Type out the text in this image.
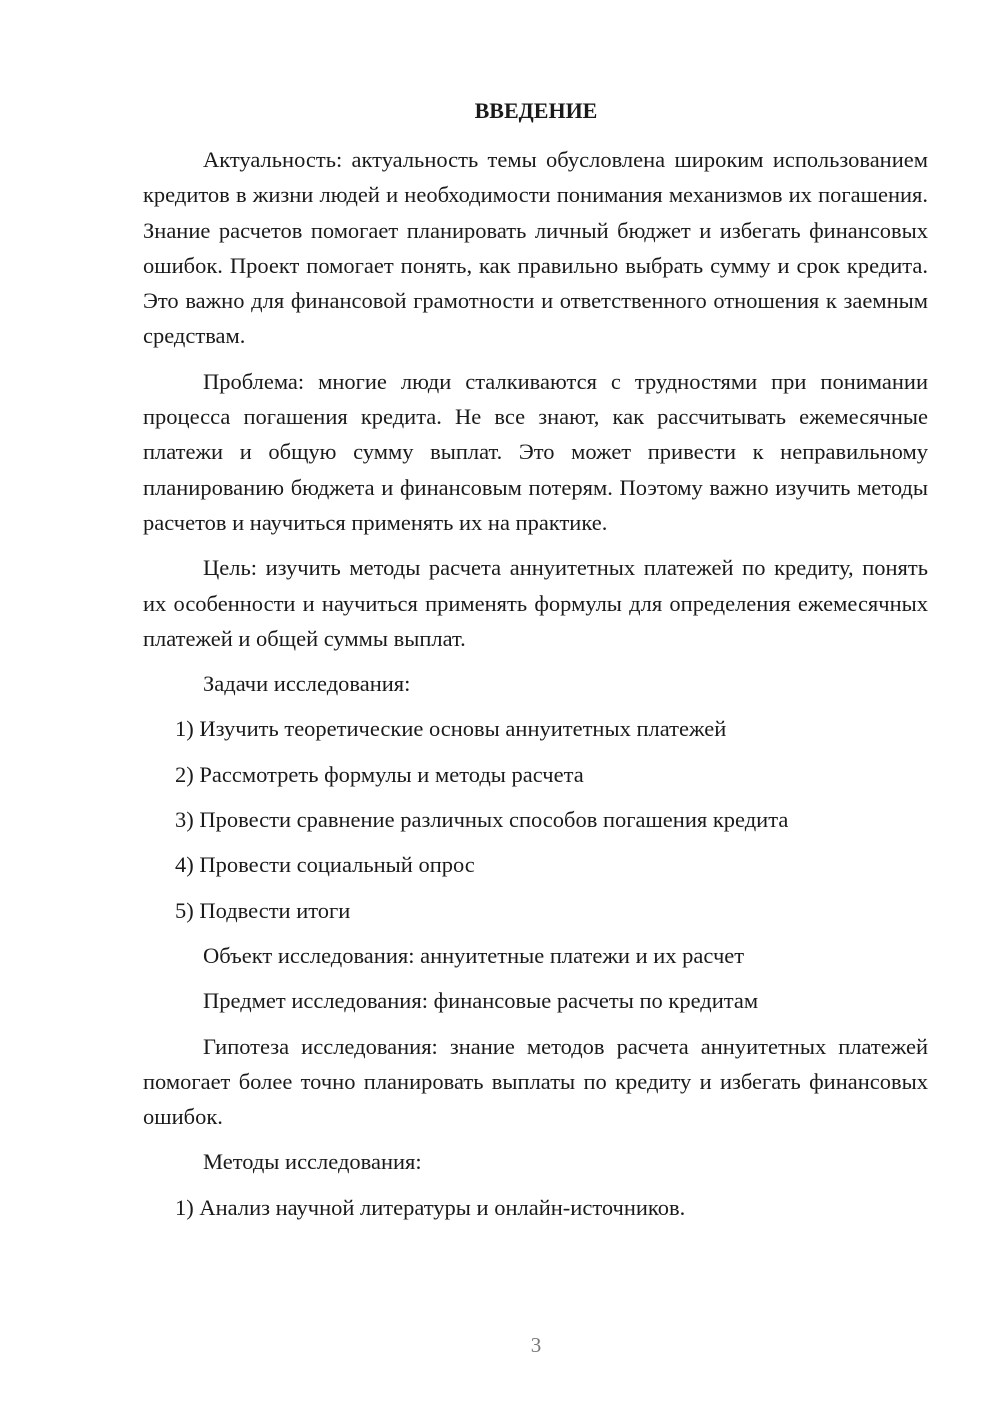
ВВЕДЕНИЕ

Актуальность: актуальность темы обусловлена широким использованием кредитов в жизни людей и необходимости понимания механизмов их погашения. Знание расчетов помогает планировать личный бюджет и избегать финансовых ошибок. Проект помогает понять, как правильно выбрать сумму и срок кредита. Это важно для финансовой грамотности и ответственного отношения к заемным средствам.

Проблема: многие люди сталкиваются с трудностями при понимании процесса погашения кредита. Не все знают, как рассчитывать ежемесячные платежи и общую сумму выплат. Это может привести к неправильному планированию бюджета и финансовым потерям. Поэтому важно изучить методы расчетов и научиться применять их на практике.

Цель: изучить методы расчета аннуитетных платежей по кредиту, понять их особенности и научиться применять формулы для определения ежемесячных платежей и общей суммы выплат.

Задачи исследования:

1) Изучить теоретические основы аннуитетных платежей

2) Рассмотреть формулы и методы расчета

3) Провести сравнение различных способов погашения кредита

4) Провести социальный опрос

5) Подвести итоги

Объект исследования: аннуитетные платежи и их расчет

Предмет исследования: финансовые расчеты по кредитам

Гипотеза исследования: знание методов расчета аннуитетных платежей помогает более точно планировать выплаты по кредиту и избегать финансовых ошибок.

Методы исследования:

1) Анализ научной литературы и онлайн-источников.

3
